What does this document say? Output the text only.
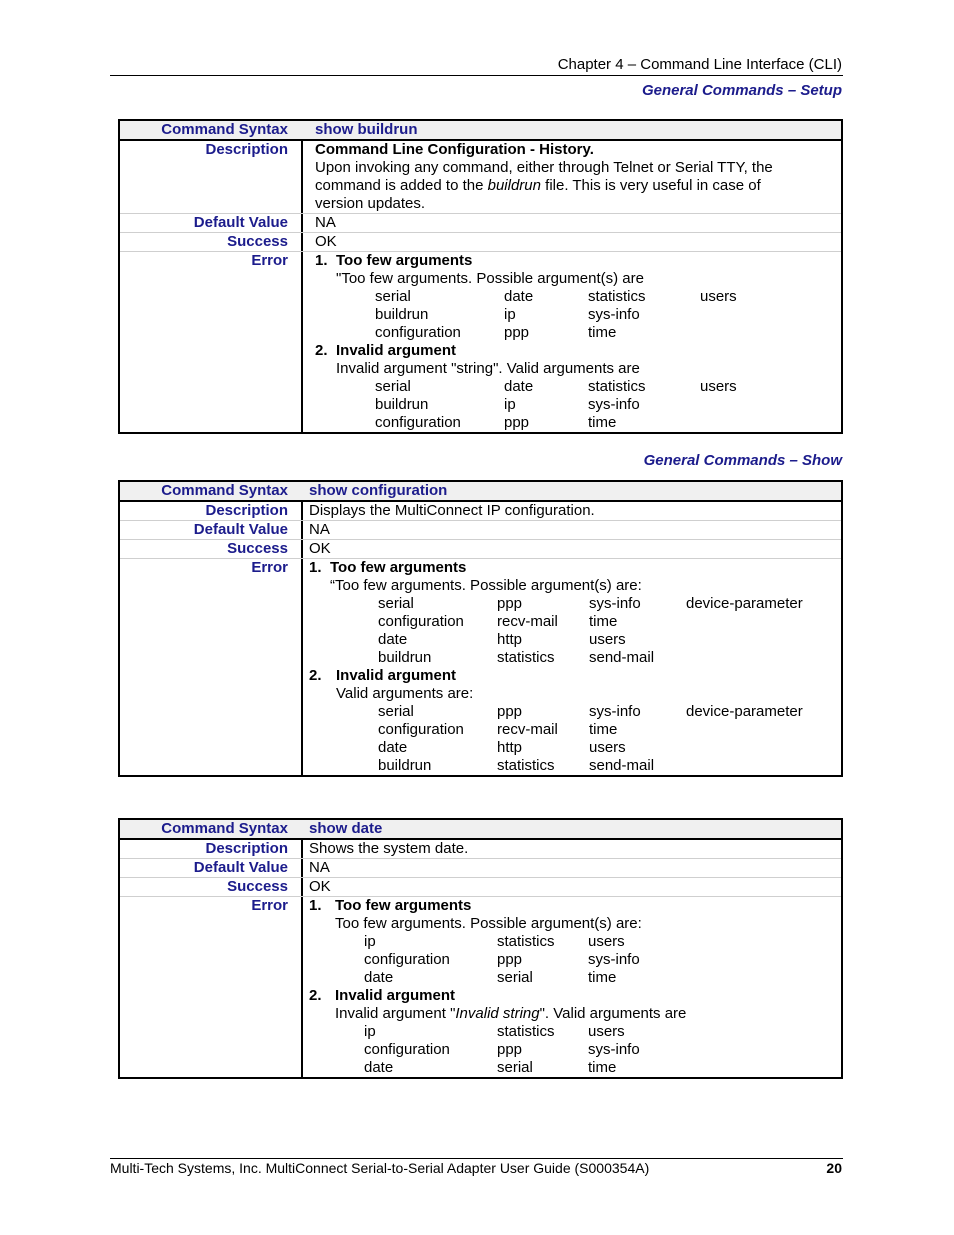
Chapter 4 – Command Line Interface (CLI)
General Commands – Setup
Command Syntax	show buildrun
Description	Command Line Configuration - History.
Upon invoking any command, either through Telnet or Serial TTY, the command is added to the buildrun file. This is very useful in case of version updates.
Default Value	NA
Success	OK
Error	1. Too few arguments
"Too few arguments. Possible argument(s) are
serial	date	statistics	users
buildrun	ip	sys-info
configuration	ppp	time
2. Invalid argument
Invalid argument "string". Valid arguments are
serial	date	statistics	users
buildrun	ip	sys-info
configuration	ppp	time
General Commands – Show
Command Syntax	show configuration
Description	Displays the MultiConnect IP configuration.
Default Value	NA
Success	OK
Error	1. Too few arguments
“Too few arguments. Possible argument(s) are:
serial	ppp	sys-info	device-parameter
configuration	recv-mail	time
date	http	users
buildrun	statistics	send-mail
2. Invalid argument
Valid arguments are:
serial	ppp	sys-info	device-parameter
configuration	recv-mail	time
date	http	users
buildrun	statistics	send-mail
Command Syntax	show date
Description	Shows the system date.
Default Value	NA
Success	OK
Error	1. Too few arguments
Too few arguments. Possible argument(s) are:
ip	statistics	users
configuration	ppp	sys-info
date	serial	time
2. Invalid argument
Invalid argument "Invalid string". Valid arguments are
ip	statistics	users
configuration	ppp	sys-info
date	serial	time
Multi-Tech Systems, Inc. MultiConnect Serial-to-Serial Adapter User Guide (S000354A)	20
